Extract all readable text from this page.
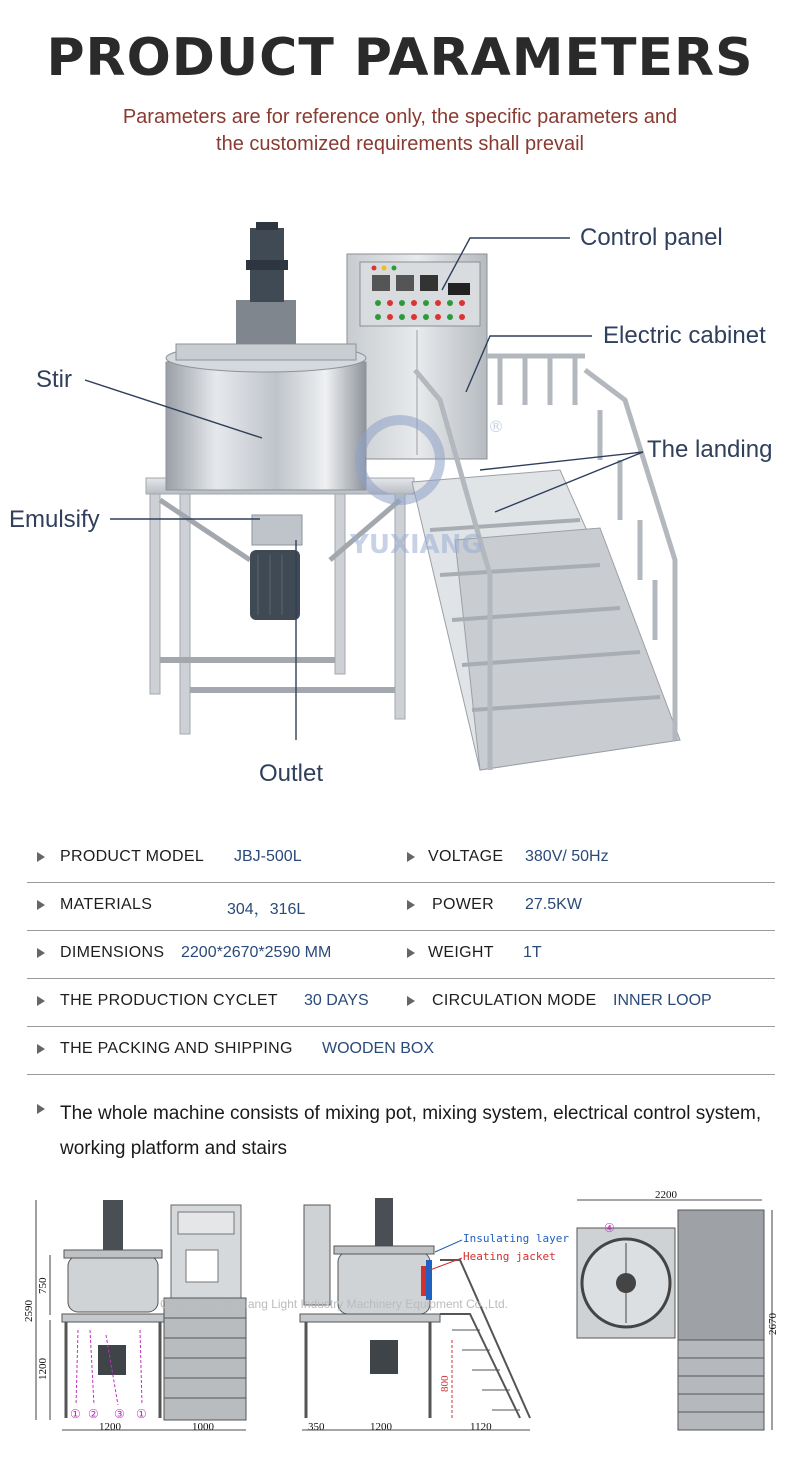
PRODUCT PARAMETERS
Parameters are for reference only, the specific parameters and
the customized requirements shall prevail
YUXIANG
®
Control panel
Electric cabinet
Stir
The landing
Emulsify
Outlet
PRODUCT MODEL JBJ-500L	VOLTAGE 380V/ 50Hz
MATERIALS	304，316L	POWER 27.5KW
DIMENSIONS 2200*2670*2590 MM	WEIGHT 1T
THE PRODUCTION CYCLET 30 DAYS	CIRCULATION MODE INNER LOOP
THE PACKING AND SHIPPING WOODEN BOX
The whole machine consists of mixing pot, mixing system, electrical control system, working platform and stairs
① ② ③ ①
2590
750
1200
1200	1000
Insulating layer
Heating jacket
800
350	1200	1120
2200
④
2670
Guangzhou Yuxiang Light Industry Machinery Equipment Co.,Ltd.
